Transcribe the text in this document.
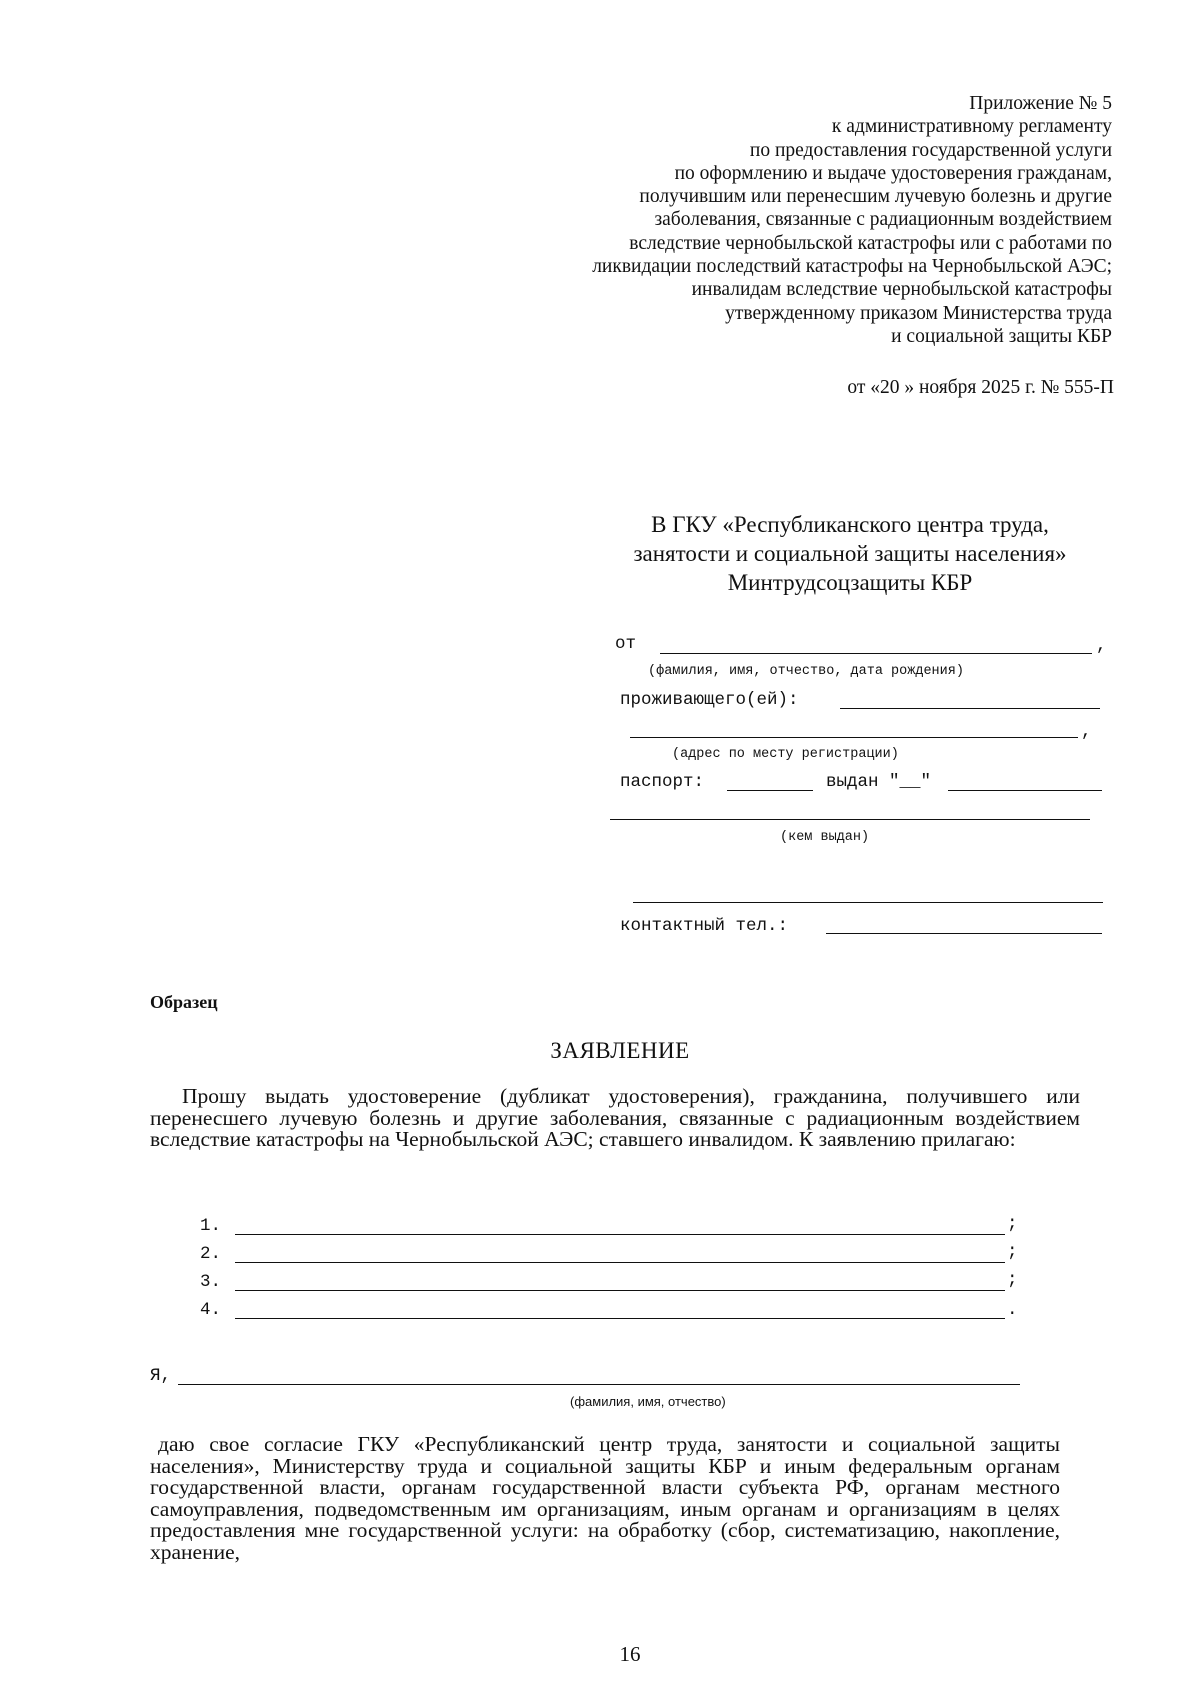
Приложение № 5
к административному регламенту
по предоставления государственной услуги
по оформлению и выдаче удостоверения гражданам,
получившим или перенесшим лучевую болезнь и другие
заболевания, связанные с радиационным воздействием
вследствие чернобыльской катастрофы или с работами по
ликвидации последствий катастрофы на Чернобыльской АЭС;
инвалидам вследствие чернобыльской катастрофы
утвержденному приказом Министерства труда
и социальной защиты КБР
от «20 » ноября 2025 г. № 555-П
В ГКУ «Республиканского центра труда,
занятости и социальной защиты населения»
Минтрудсоцзащиты КБР
от	,
(фамилия, имя, отчество, дата рождения)
проживающего(ей):
,
(адрес по месту регистрации)
паспорт:	выдан "__"
(кем выдан)
контактный тел.:
Образец
ЗАЯВЛЕНИЕ
Прошу выдать удостоверение (дубликат удостоверения), гражданина, получившего или перенесшего лучевую болезнь и другие заболевания, связанные с радиационным воздействием вследствие катастрофы на Чернобыльской АЭС; ставшего инвалидом. К заявлению прилагаю:
1.	;
2.	;
3.	;
4.	.
Я,
(фамилия, имя, отчество)
даю свое согласие ГКУ «Республиканский центр труда, занятости и социальной защиты населения», Министерству труда и социальной защиты КБР и иным федеральным органам государственной власти, органам государственной власти субъекта РФ, органам местного самоуправления, подведомственным им организациям, иным органам и организациям в целях предоставления мне государственной услуги: на обработку (сбор, систематизацию, накопление, хранение,
16
